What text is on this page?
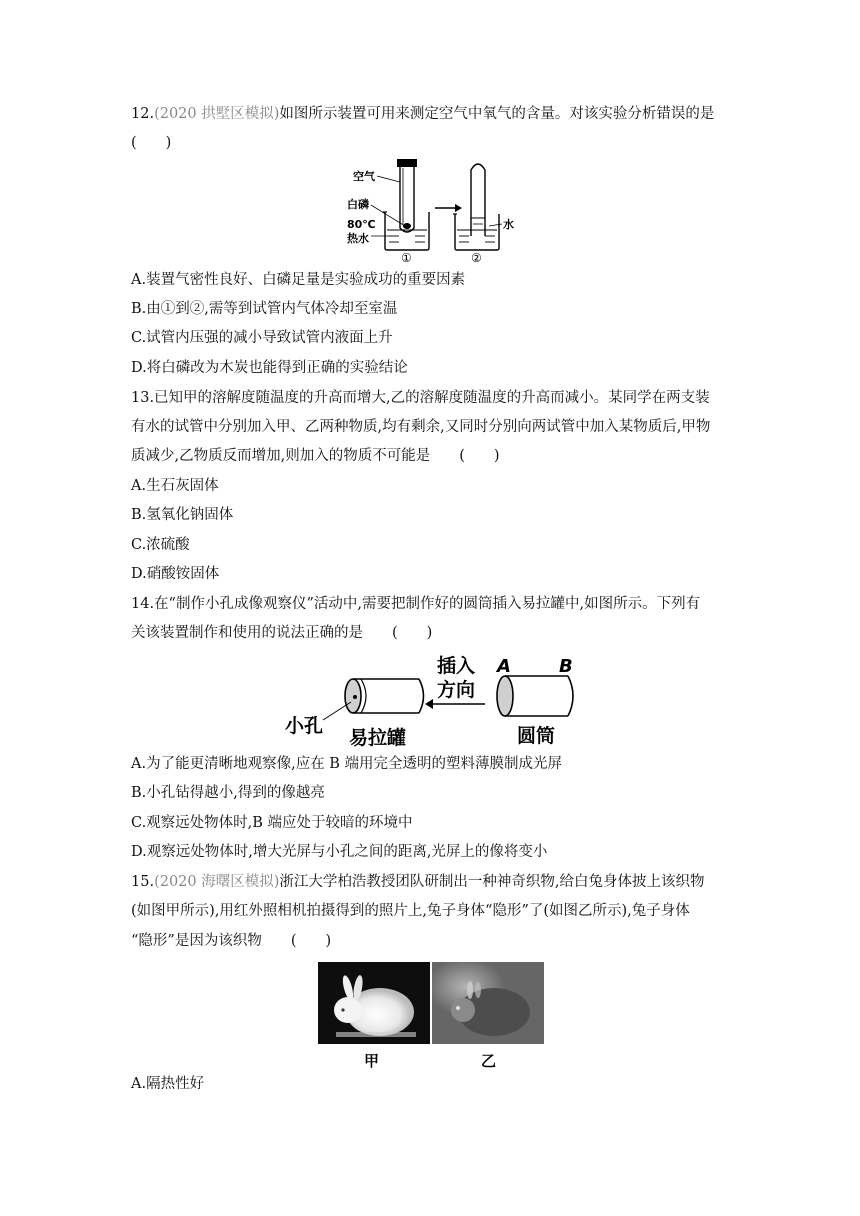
12.(2020 拱墅区模拟)如图所示装置可用来测定空气中氧气的含量。对该实验分析错误的是
(　　)
空气
白磷
80℃
热水
①
水
②
A.装置气密性良好、白磷足量是实验成功的重要因素
B.由①到②,需等到试管内气体冷却至室温
C.试管内压强的减小导致试管内液面上升
D.将白磷改为木炭也能得到正确的实验结论
13.已知甲的溶解度随温度的升高而增大,乙的溶解度随温度的升高而减小。某同学在两支装
有水的试管中分别加入甲、乙两种物质,均有剩余,又同时分别向两试管中加入某物质后,甲物
质减少,乙物质反而增加,则加入的物质不可能是　　(　　)
A.生石灰固体
B.氢氧化钠固体
C.浓硫酸
D.硝酸铵固体
14.在“制作小孔成像观察仪”活动中,需要把制作好的圆筒插入易拉罐中,如图所示。下列有
关该装置制作和使用的说法正确的是　　(　　)
小孔
易拉罐
插入
方向
A	B
圆筒
A.为了能更清晰地观察像,应在 B 端用完全透明的塑料薄膜制成光屏
B.小孔钻得越小,得到的像越亮
C.观察远处物体时,B 端应处于较暗的环境中
D.观察远处物体时,增大光屏与小孔之间的距离,光屏上的像将变小
15.(2020 海曙区模拟)浙江大学柏浩教授团队研制出一种神奇织物,给白兔身体披上该织物
(如图甲所示),用红外照相机拍摄得到的照片上,兔子身体“隐形”了(如图乙所示),兔子身体
“隐形”是因为该织物　　(　　)
甲	乙
A.隔热性好
